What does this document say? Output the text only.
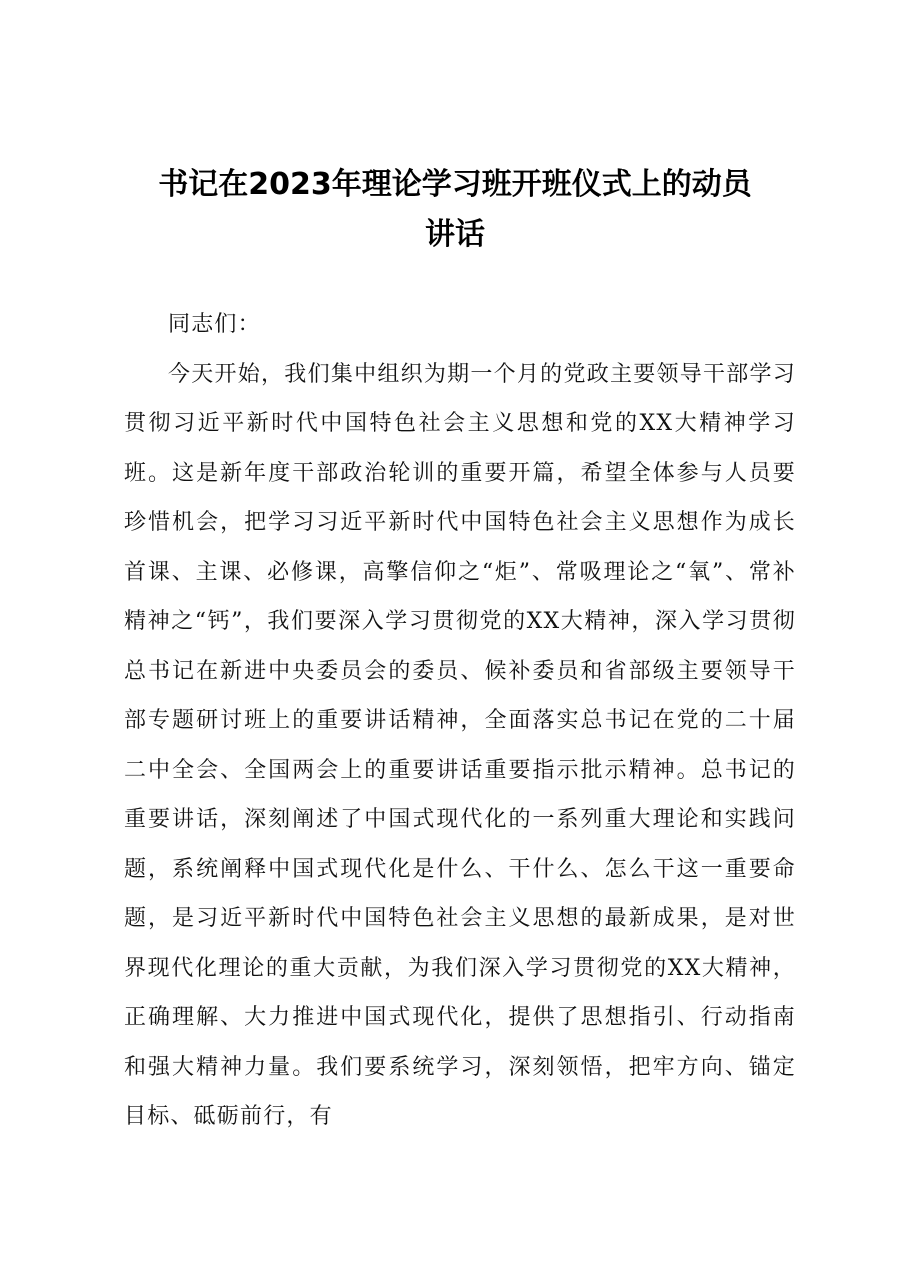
书记在2023年理论学习班开班仪式上的动员
讲话

同志们：

今天开始，我们集中组织为期一个月的党政主要领导干部学习贯彻习近平新时代中国特色社会主义思想和党的XX大精神学习班。这是新年度干部政治轮训的重要开篇，希望全体参与人员要珍惜机会，把学习习近平新时代中国特色社会主义思想作为成长首课、主课、必修课，高擎信仰之“炬”、常吸理论之“氧”、常补精神之“钙”，我们要深入学习贯彻党的XX大精神，深入学习贯彻总书记在新进中央委员会的委员、候补委员和省部级主要领导干部专题研讨班上的重要讲话精神，全面落实总书记在党的二十届二中全会、全国两会上的重要讲话重要指示批示精神。总书记的重要讲话，深刻阐述了中国式现代化的一系列重大理论和实践问题，系统阐释中国式现代化是什么、干什么、怎么干这一重要命题，是习近平新时代中国特色社会主义思想的最新成果，是对世界现代化理论的重大贡献，为我们深入学习贯彻党的XX大精神，正确理解、大力推进中国式现代化，提供了思想指引、行动指南和强大精神力量。我们要系统学习，深刻领悟，把牢方向、锚定目标、砥砺前行，有
